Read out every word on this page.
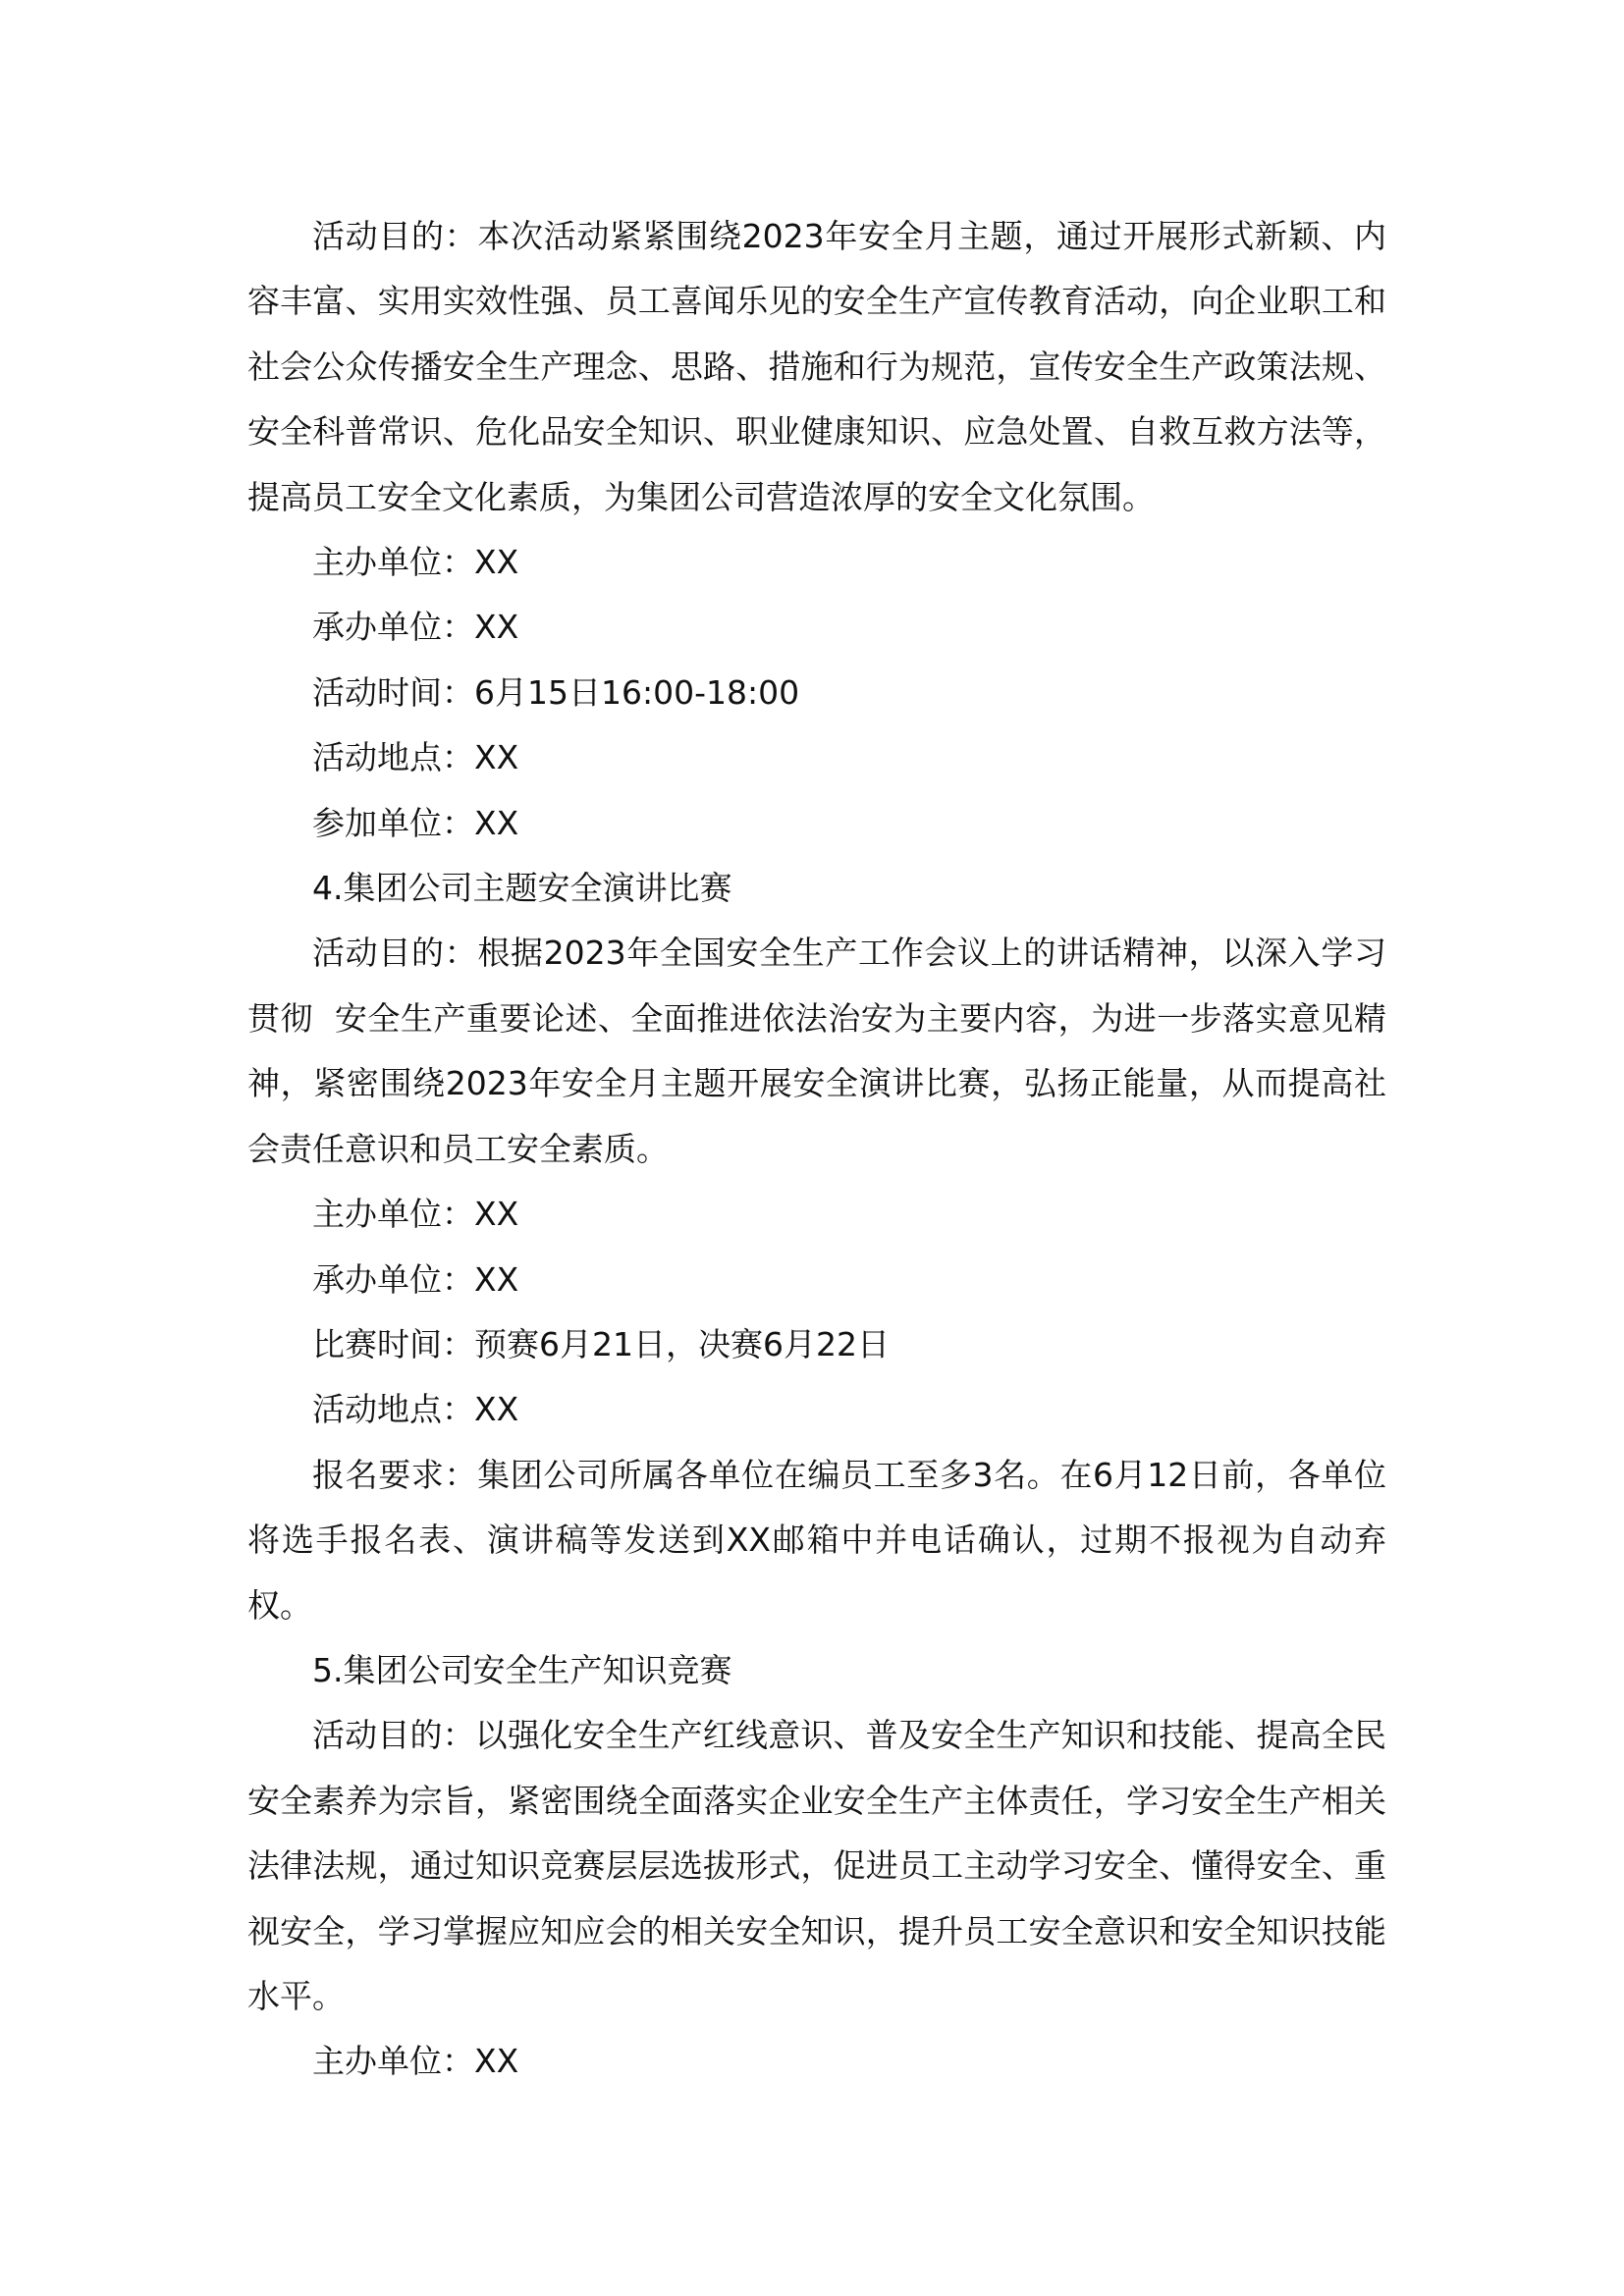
活动目的：本次活动紧紧围绕2023年安全月主题，通过开展形式新颖、内容丰富、实用实效性强、员工喜闻乐见的安全生产宣传教育活动，向企业职工和社会公众传播安全生产理念、思路、措施和行为规范，宣传安全生产政策法规、安全科普常识、危化品安全知识、职业健康知识、应急处置、自救互救方法等，提高员工安全文化素质，为集团公司营造浓厚的安全文化氛围。

主办单位：XX

承办单位：XX

活动时间：6月15日16:00-18:00

活动地点：XX

参加单位：XX

4.集团公司主题安全演讲比赛

活动目的：根据2023年全国安全生产工作会议上的讲话精神，以深入学习贯彻  安全生产重要论述、全面推进依法治安为主要内容，为进一步落实意见精神，紧密围绕2023年安全月主题开展安全演讲比赛，弘扬正能量，从而提高社会责任意识和员工安全素质。

主办单位：XX

承办单位：XX

比赛时间：预赛6月21日，决赛6月22日

活动地点：XX

报名要求：集团公司所属各单位在编员工至多3名。在6月12日前，各单位将选手报名表、演讲稿等发送到XX邮箱中并电话确认，过期不报视为自动弃权。

5.集团公司安全生产知识竞赛

活动目的：以强化安全生产红线意识、普及安全生产知识和技能、提高全民安全素养为宗旨，紧密围绕全面落实企业安全生产主体责任，学习安全生产相关法律法规，通过知识竞赛层层选拔形式，促进员工主动学习安全、懂得安全、重视安全，学习掌握应知应会的相关安全知识，提升员工安全意识和安全知识技能水平。

主办单位：XX
